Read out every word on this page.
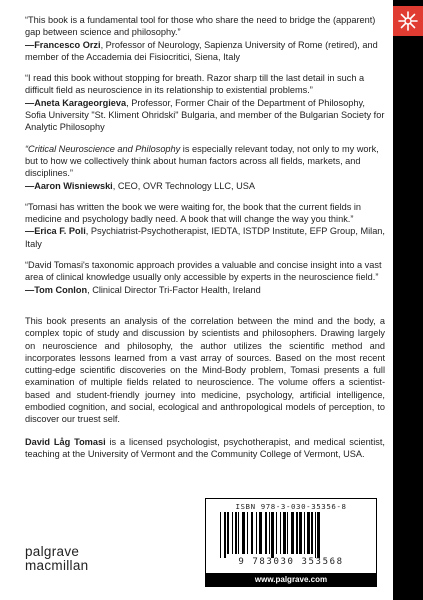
“This book is a fundamental tool for those who share the need to bridge the (apparent) gap between science and philosophy.”

—Francesco Orzi, Professor of Neurology, Sapienza University of Rome (retired), and member of the Accademia dei Fisiocritici, Siena, Italy

“I read this book without stopping for breath. Razor sharp till the last detail in such a difficult field as neuroscience in its relationship to existential problems.”

—Aneta Karageorgieva, Professor, Former Chair of the Department of Philosophy, Sofia University "St. Kliment Ohridski" Bulgaria, and member of the Bulgarian Society for Analytic Philosophy

“Critical Neuroscience and Philosophy is especially relevant today, not only to my work, but to how we collectively think about human factors across all fields, markets, and disciplines.”

—Aaron Wisniewski, CEO, OVR Technology LLC, USA

“Tomasi has written the book we were waiting for, the book that the current fields in medicine and psychology badly need. A book that will change the way you think.”

—Erica F. Poli, Psychiatrist-Psychotherapist, IEDTA, ISTDP Institute, EFP Group, Milan, Italy

“David Tomasi's taxonomic approach provides a valuable and concise insight into a vast area of clinical knowledge usually only accessible by experts in the neuroscience field.”

—Tom Conlon, Clinical Director Tri-Factor Health, Ireland

This book presents an analysis of the correlation between the mind and the body, a complex topic of study and discussion by scientists and philosophers. Drawing largely on neuroscience and philosophy, the author utilizes the scientific method and incorporates lessons learned from a vast array of sources. Based on the most recent cutting-edge scientific discoveries on the Mind-Body problem, Tomasi presents a full examination of multiple fields related to neuroscience. The volume offers a scientist-based and student-friendly journey into medicine, psychology, artificial intelligence, embodied cognition, and social, ecological and anthropological models of perception, to discover our truest self.

David Låg Tomasi is a licensed psychologist, psychotherapist, and medical scientist, teaching at the University of Vermont and the Community College of Vermont, USA.

palgrave
macmillan
ISBN 978-3-030-35356-8
9 783030 353568
www.palgrave.com
